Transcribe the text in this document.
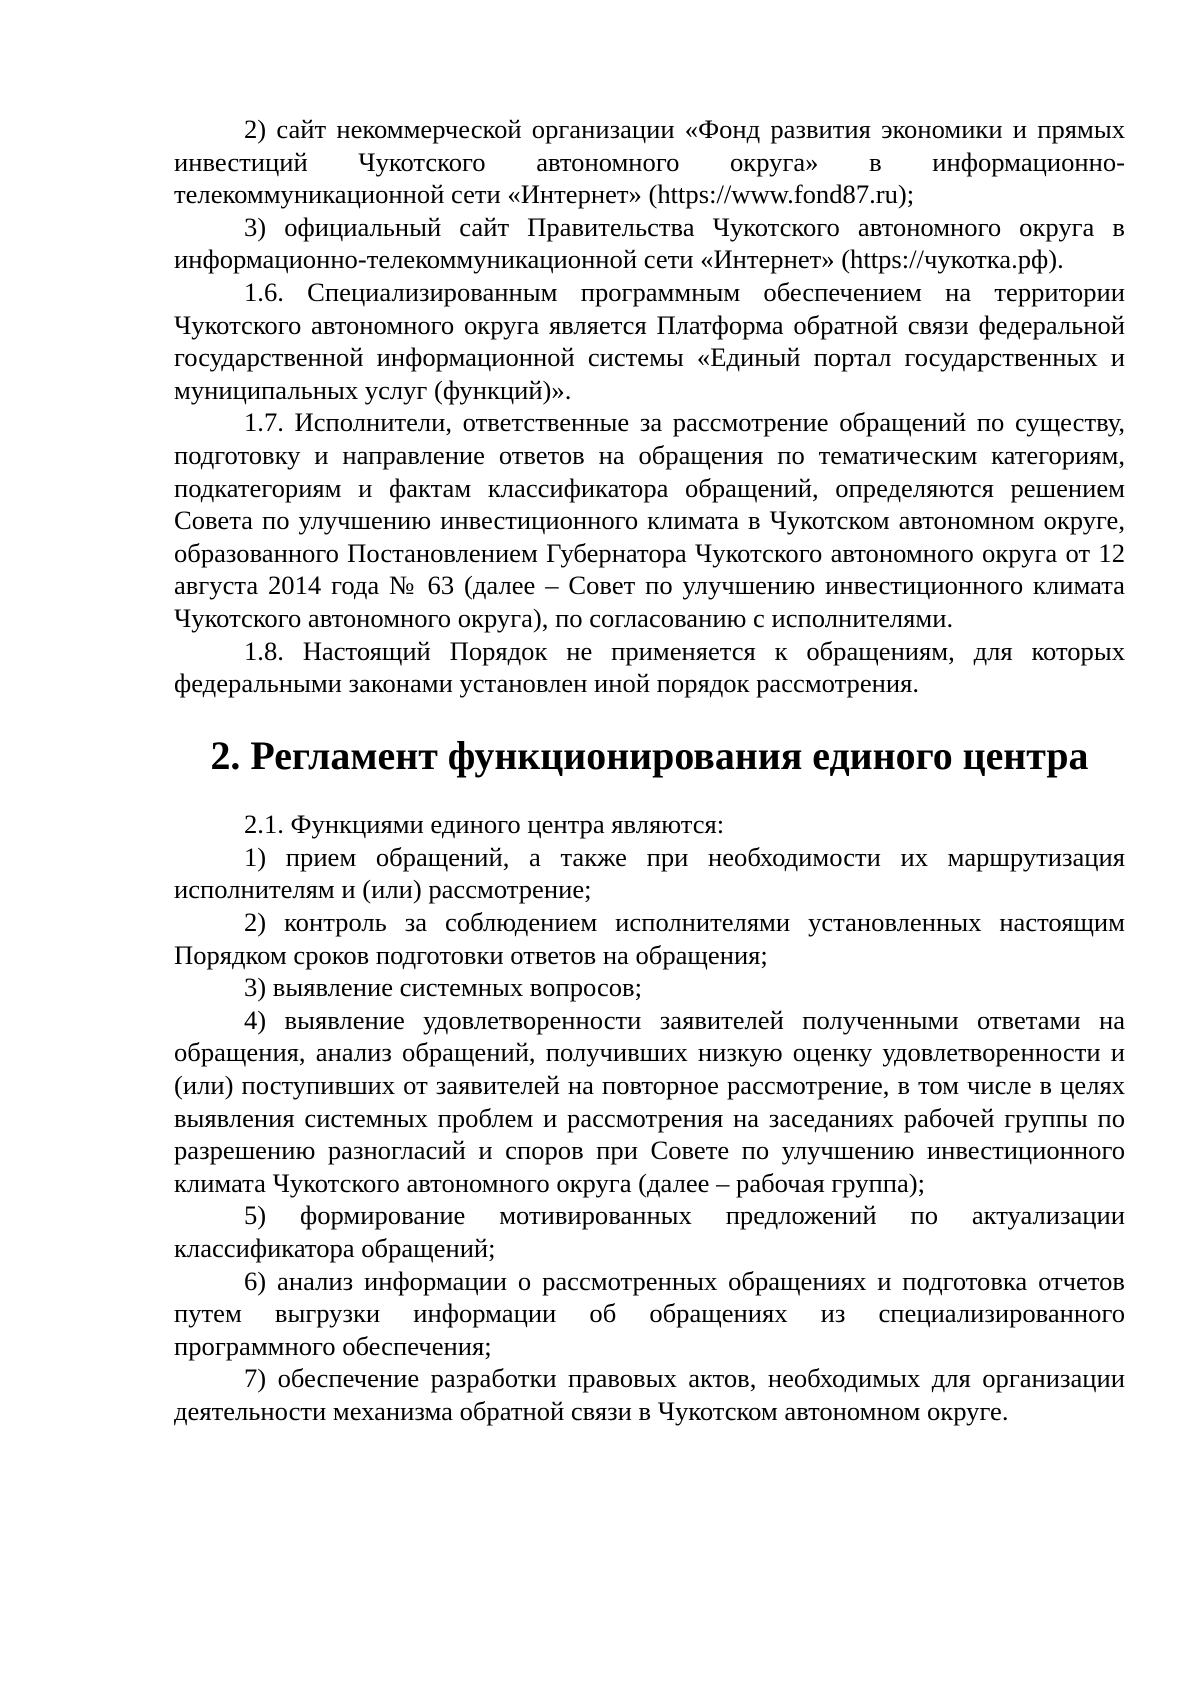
2) сайт некоммерческой организации «Фонд развития экономики и прямых инвестиций Чукотского автономного округа» в информационно-телекоммуникационной сети «Интернет» (https://www.fond87.ru);

3) официальный сайт Правительства Чукотского автономного округа в информационно-телекоммуникационной сети «Интернет» (https://чукотка.рф).

1.6. Специализированным программным обеспечением на территории Чукотского автономного округа является Платформа обратной связи федеральной государственной информационной системы «Единый портал государственных и муниципальных услуг (функций)».

1.7. Исполнители, ответственные за рассмотрение обращений по существу, подготовку и направление ответов на обращения по тематическим категориям, подкатегориям и фактам классификатора обращений, определяются решением Совета по улучшению инвестиционного климата в Чукотском автономном округе, образованного Постановлением Губернатора Чукотского автономного округа от 12 августа 2014 года № 63 (далее – Совет по улучшению инвестиционного климата Чукотского автономного округа), по согласованию с исполнителями.

1.8. Настоящий Порядок не применяется к обращениям, для которых федеральными законами установлен иной порядок рассмотрения.

2. Регламент функционирования единого центра

2.1. Функциями единого центра являются:

1) прием обращений, а также при необходимости их маршрутизация исполнителям и (или) рассмотрение;

2) контроль за соблюдением исполнителями установленных настоящим Порядком сроков подготовки ответов на обращения;

3) выявление системных вопросов;

4) выявление удовлетворенности заявителей полученными ответами на обращения, анализ обращений, получивших низкую оценку удовлетворенности и (или) поступивших от заявителей на повторное рассмотрение, в том числе в целях выявления системных проблем и рассмотрения на заседаниях рабочей группы по разрешению разногласий и споров при Совете по улучшению инвестиционного климата Чукотского автономного округа (далее – рабочая группа);

5) формирование мотивированных предложений по актуализации классификатора обращений;

6) анализ информации о рассмотренных обращениях и подготовка отчетов путем выгрузки информации об обращениях из специализированного программного обеспечения;

7) обеспечение разработки правовых актов, необходимых для организации деятельности механизма обратной связи в Чукотском автономном округе.
